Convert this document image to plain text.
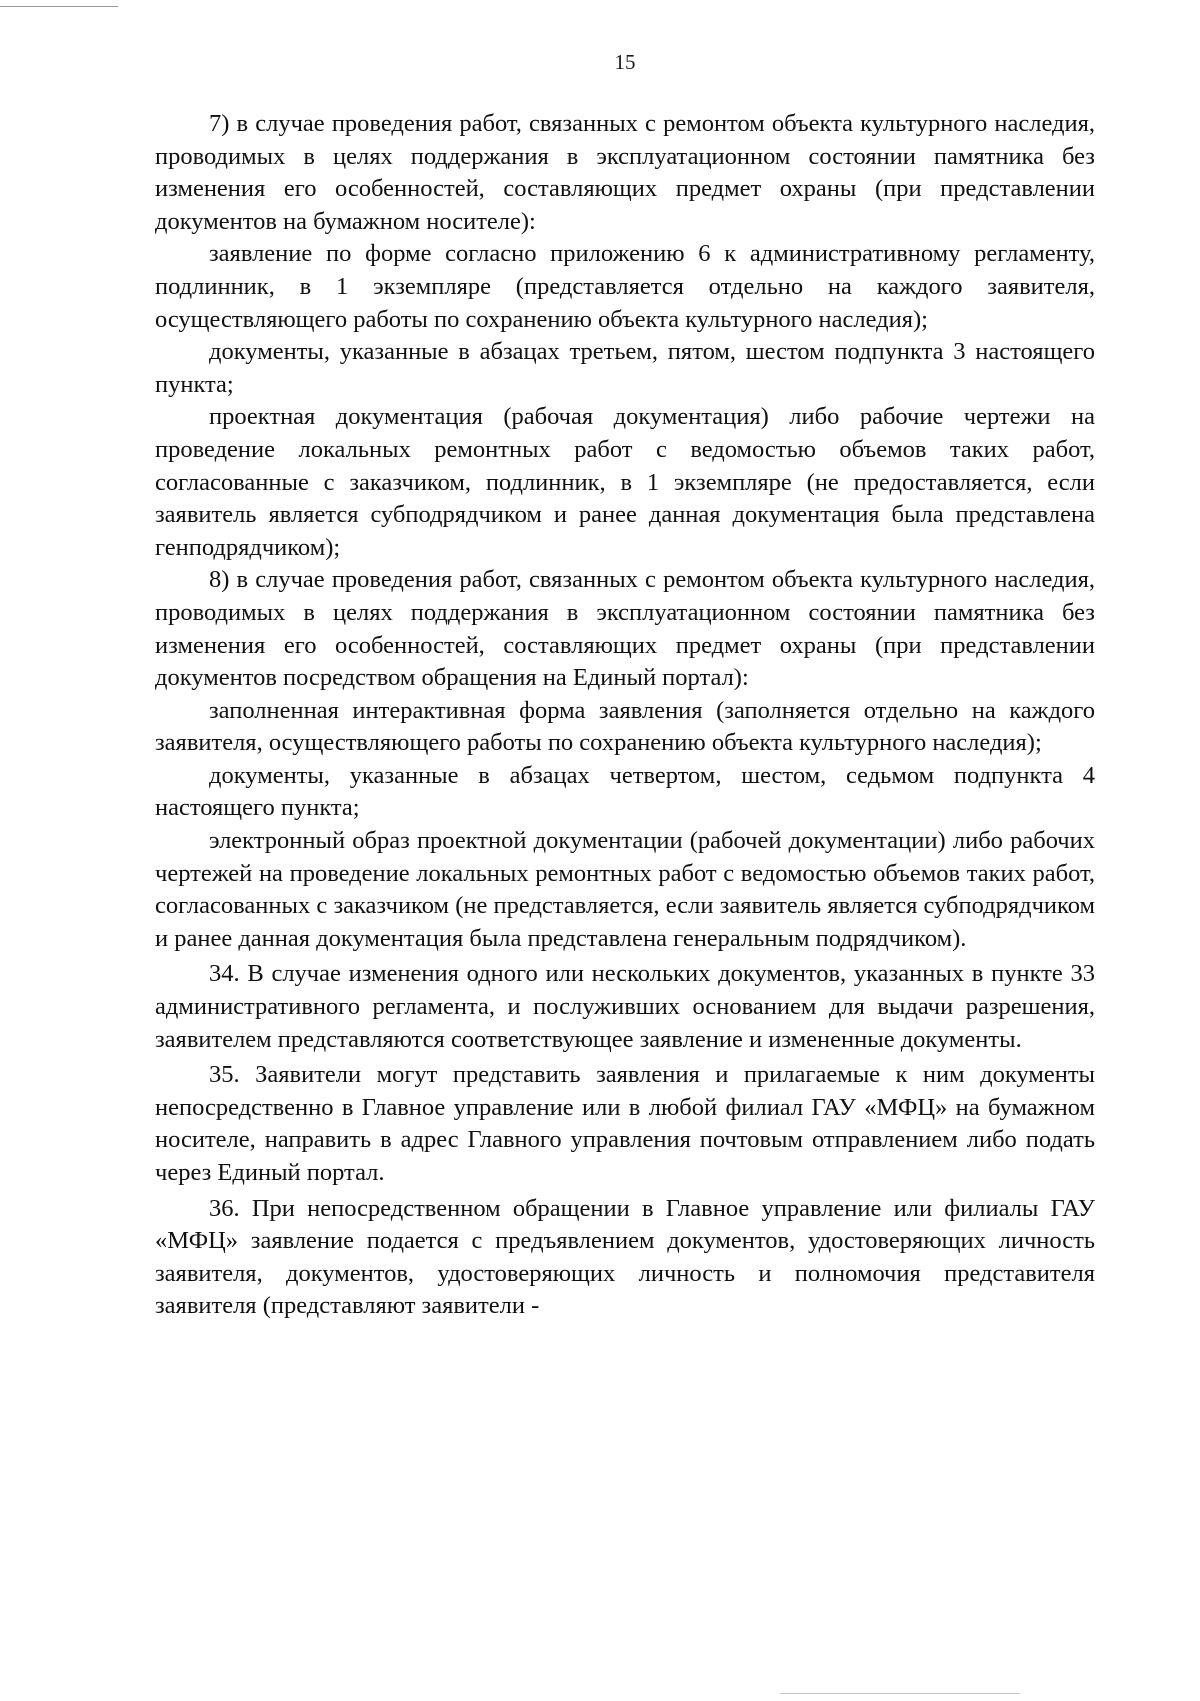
15

7) в случае проведения работ, связанных с ремонтом объекта культурного наследия, проводимых в целях поддержания в эксплуатационном состоянии памятника без изменения его особенностей, составляющих предмет охраны (при представлении документов на бумажном носителе):

заявление по форме согласно приложению 6 к административному регламенту, подлинник, в 1 экземпляре (представляется отдельно на каждого заявителя, осуществляющего работы по сохранению объекта культурного наследия);

документы, указанные в абзацах третьем, пятом, шестом подпункта 3 настоящего пункта;

проектная документация (рабочая документация) либо рабочие чертежи на проведение локальных ремонтных работ с ведомостью объемов таких работ, согласованные с заказчиком, подлинник, в 1 экземпляре (не предоставляется, если заявитель является субподрядчиком и ранее данная документация была представлена генподрядчиком);

8) в случае проведения работ, связанных с ремонтом объекта культурного наследия, проводимых в целях поддержания в эксплуатационном состоянии памятника без изменения его особенностей, составляющих предмет охраны (при представлении документов посредством обращения на Единый портал):

заполненная интерактивная форма заявления (заполняется отдельно на каждого заявителя, осуществляющего работы по сохранению объекта культурного наследия);

документы, указанные в абзацах четвертом, шестом, седьмом подпункта 4 настоящего пункта;

электронный образ проектной документации (рабочей документации) либо рабочих чертежей на проведение локальных ремонтных работ с ведомостью объемов таких работ, согласованных с заказчиком (не представляется, если заявитель является субподрядчиком и ранее данная документация была представлена генеральным подрядчиком).

34. В случае изменения одного или нескольких документов, указанных в пункте 33 административного регламента, и послуживших основанием для выдачи разрешения, заявителем представляются соответствующее заявление и измененные документы.

35. Заявители могут представить заявления и прилагаемые к ним документы непосредственно в Главное управление или в любой филиал ГАУ «МФЦ» на бумажном носителе, направить в адрес Главного управления почтовым отправлением либо подать через Единый портал.

36. При непосредственном обращении в Главное управление или филиалы ГАУ «МФЦ» заявление подается с предъявлением документов, удостоверяющих личность заявителя, документов, удостоверяющих личность и полномочия представителя заявителя (представляют заявители -
